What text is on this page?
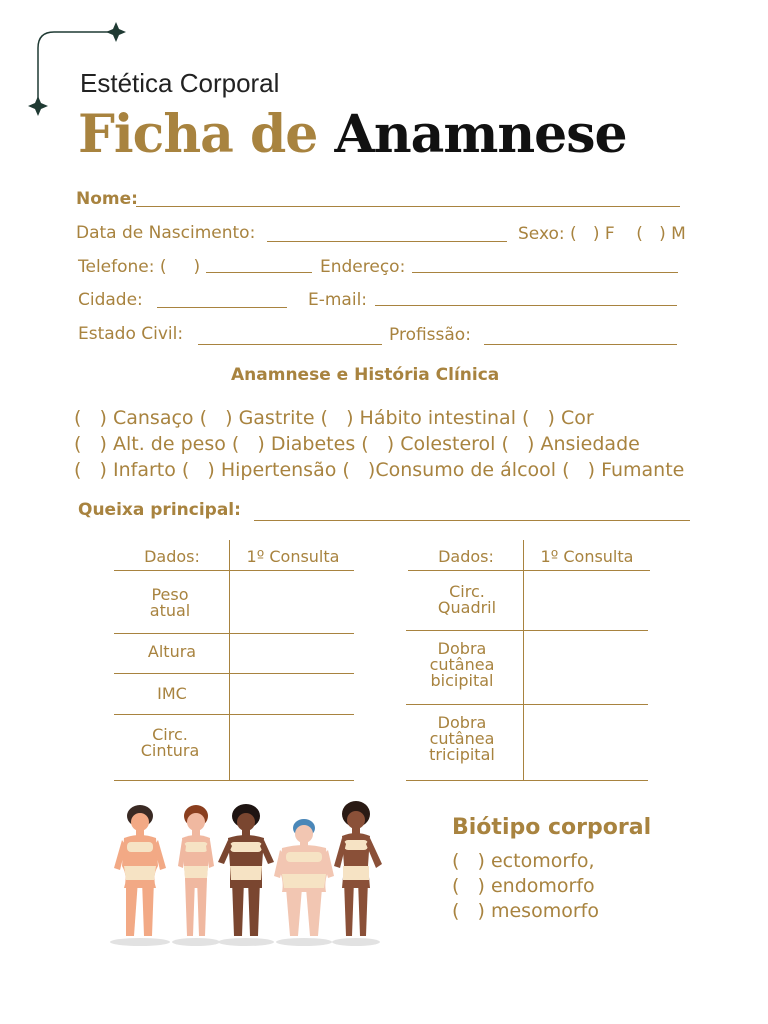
Estética Corporal
Ficha de Anamnese
Nome:
Data de Nascimento:	Sexo: (   ) F    (   ) M
Telefone: (     )	Endereço:
Cidade:	E-mail:
Estado Civil:	Profissão:
Anamnese e História Clínica
(   ) Cansaço (   ) Gastrite (   ) Hábito intestinal (   ) Cor
(   ) Alt. de peso (   ) Diabetes (   ) Colesterol (   ) Ansiedade
(   ) Infarto (   ) Hipertensão (   )Consumo de álcool (   ) Fumante
Queixa principal:
Dados:	1º Consulta
Peso atual
Altura
IMC
Circ. Cintura
Dados:	1º Consulta
Circ. Quadril
Dobra cutânea bicipital
Dobra cutânea tricipital
Biótipo corporal
(   ) ectomorfo,
(   ) endomorfo
(   ) mesomorfo
